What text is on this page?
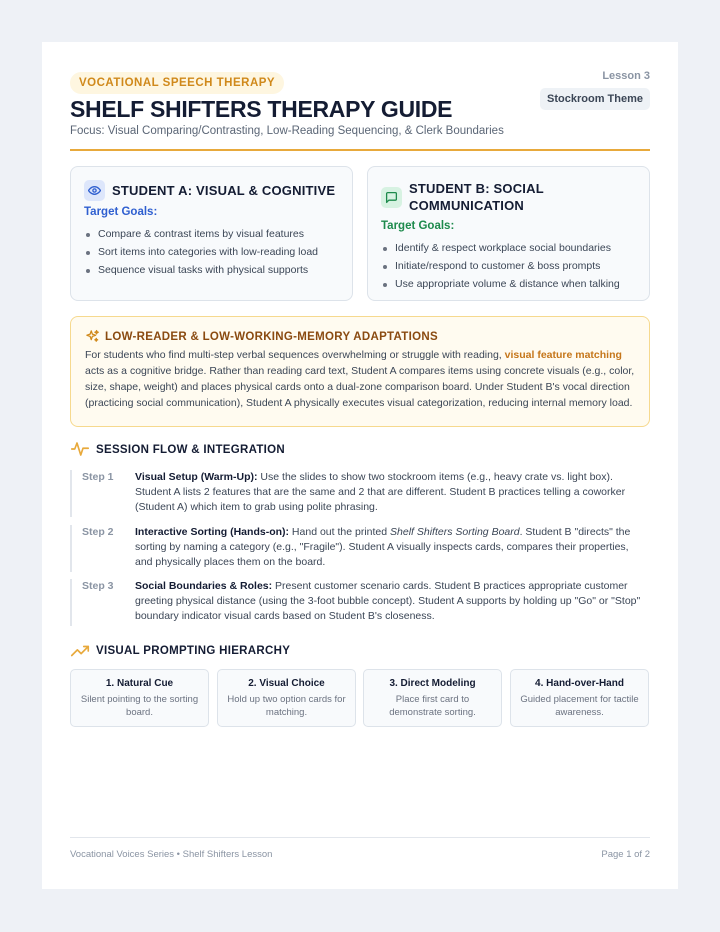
VOCATIONAL SPEECH THERAPY
Lesson 3
Stockroom Theme
SHELF SHIFTERS THERAPY GUIDE
Focus: Visual Comparing/Contrasting, Low-Reading Sequencing, & Clerk Boundaries
STUDENT A: VISUAL & COGNITIVE
Target Goals:
Compare & contrast items by visual features
Sort items into categories with low-reading load
Sequence visual tasks with physical supports
STUDENT B: SOCIAL COMMUNICATION
Target Goals:
Identify & respect workplace social boundaries
Initiate/respond to customer & boss prompts
Use appropriate volume & distance when talking
LOW-READER & LOW-WORKING-MEMORY ADAPTATIONS

For students who find multi-step verbal sequences overwhelming or struggle with reading, visual feature matching acts as a cognitive bridge. Rather than reading card text, Student A compares items using concrete visuals (e.g., color, size, shape, weight) and places physical cards onto a dual-zone comparison board. Under Student B's vocal direction (practicing social communication), Student A physically executes visual categorization, reducing internal memory load.

SESSION FLOW & INTEGRATION
Step 1 Visual Setup (Warm-Up): Use the slides to show two stockroom items (e.g., heavy crate vs. light box). Student A lists 2 features that are the same and 2 that are different. Student B practices telling a coworker (Student A) which item to grab using polite phrasing.

Step 2 Interactive Sorting (Hands-on): Hand out the printed Shelf Shifters Sorting Board. Student B "directs" the sorting by naming a category (e.g., "Fragile"). Student A visually inspects cards, compares their properties, and physically places them on the board.

Step 3 Social Boundaries & Roles: Present customer scenario cards. Student B practices appropriate customer greeting physical distance (using the 3-foot bubble concept). Student A supports by holding up "Go" or "Stop" boundary indicator visual cards based on Student B's closeness.

VISUAL PROMPTING HIERARCHY
1. Natural Cue
Silent pointing to the sorting board.
2. Visual Choice
Hold up two option cards for matching.
3. Direct Modeling
Place first card to demonstrate sorting.
4. Hand-over-Hand
Guided placement for tactile awareness.
Vocational Voices Series • Shelf Shifters Lesson	Page 1 of 2
